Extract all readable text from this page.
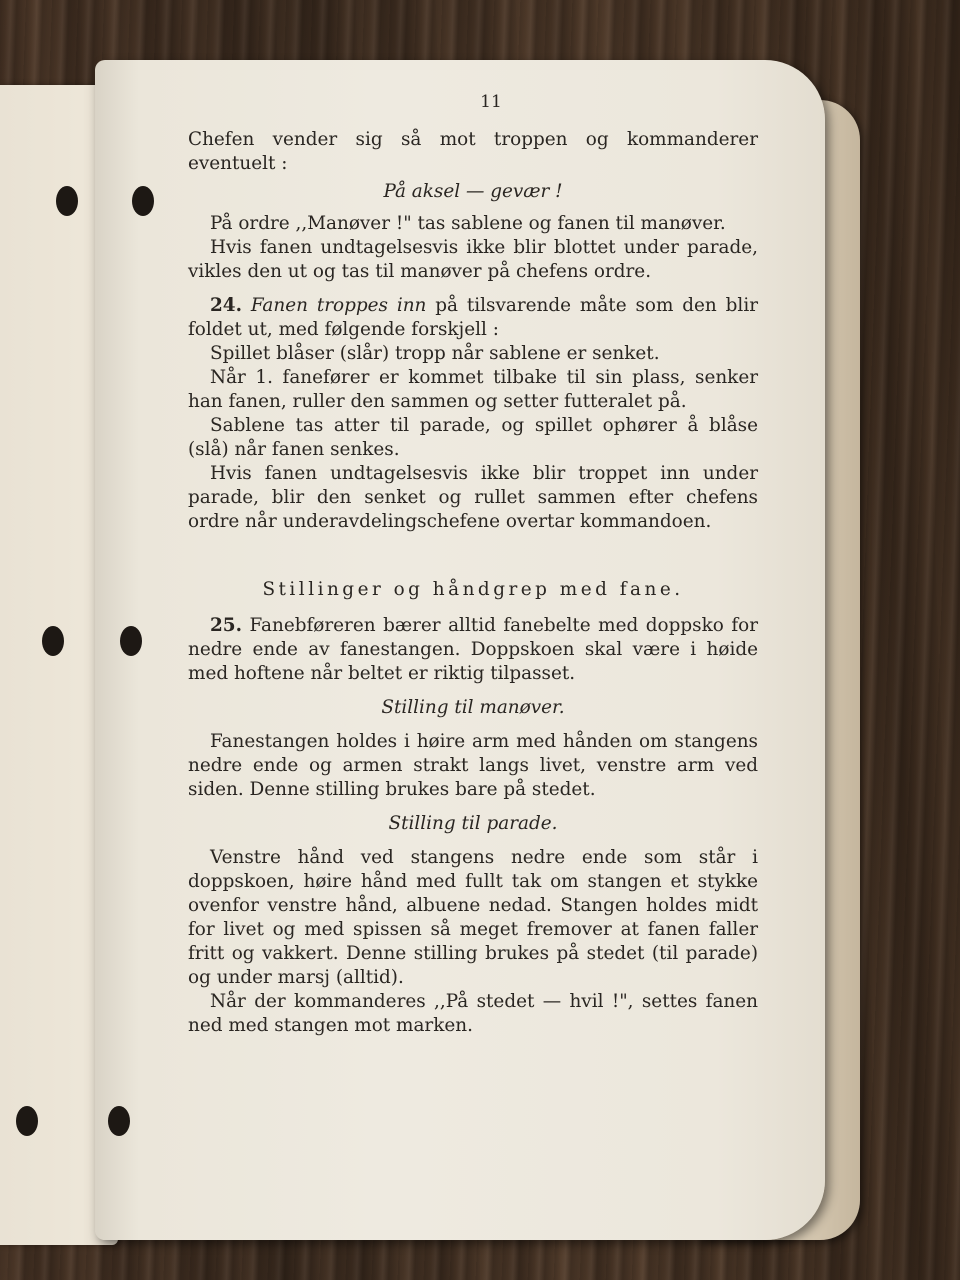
11

Chefen vender sig så mot troppen og kommanderer eventuelt :

På aksel — gevær !

På ordre ,,Manøver !" tas sablene og fanen til manøver.

Hvis fanen undtagelsesvis ikke blir blottet under parade, vikles den ut og tas til manøver på chefens ordre.

24. Fanen troppes inn på tilsvarende måte som den blir foldet ut, med følgende forskjell :

Spillet blåser (slår) tropp når sablene er senket.

Når 1. fanefører er kommet tilbake til sin plass, senker han fanen, ruller den sammen og setter futteralet på.

Sablene tas atter til parade, og spillet ophører å blåse (slå) når fanen senkes.

Hvis fanen undtagelsesvis ikke blir troppet inn under parade, blir den senket og rullet sammen efter chefens ordre når underavdelingschefene overtar kommandoen.

Stillinger og håndgrep med fane.

25. Fanebføreren bærer alltid fanebelte med doppsko for nedre ende av fanestangen. Doppskoen skal være i høide med hoftene når beltet er riktig tilpasset.

Stilling til manøver.

Fanestangen holdes i høire arm med hånden om stangens nedre ende og armen strakt langs livet, venstre arm ved siden. Denne stilling brukes bare på stedet.

Stilling til parade.

Venstre hånd ved stangens nedre ende som står i doppskoen, høire hånd med fullt tak om stangen et stykke ovenfor venstre hånd, albuene nedad. Stangen holdes midt for livet og med spissen så meget fremover at fanen faller fritt og vakkert. Denne stilling brukes på stedet (til parade) og under marsj (alltid).

Når der kommanderes ,,På stedet — hvil !", settes fanen ned med stangen mot marken.
